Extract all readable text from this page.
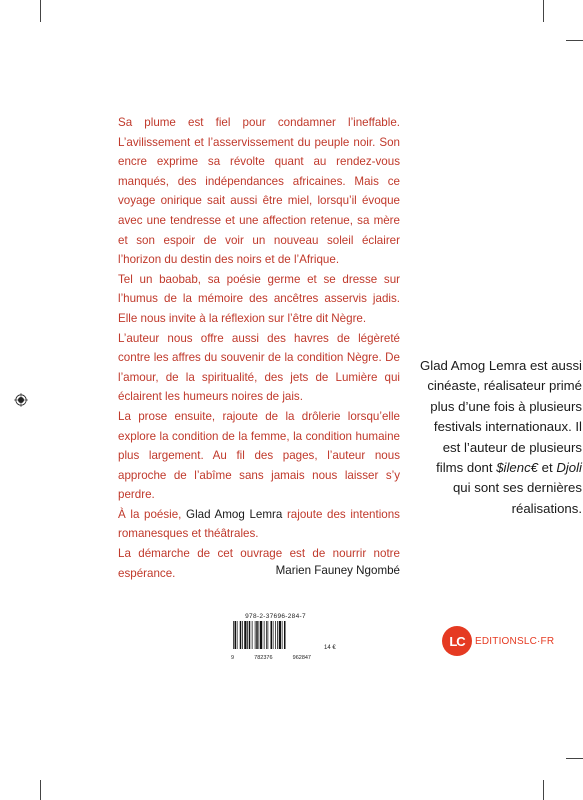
Sa plume est fiel pour condamner l’ineffable. L’avilissement et l’asservissement du peuple noir. Son encre exprime sa révolte quant au rendez-vous manqués, des indépendances africaines. Mais ce voyage onirique sait aussi être miel, lorsqu’il évoque avec une tendresse et une affection retenue, sa mère et son espoir de voir un nouveau soleil éclairer l’horizon du destin des noirs et de l’Afrique.

Tel un baobab, sa poésie germe et se dresse sur l’humus de la mémoire des ancêtres asservis jadis. Elle nous invite à la réflexion sur l’être dit Nègre.

L’auteur nous offre aussi des havres de légèreté contre les affres du souvenir de la condition Nègre. De l’amour, de la spiritualité, des jets de Lumière qui éclairent les humeurs noires de jais.

La prose ensuite, rajoute de la drôlerie lorsqu’elle explore la condition de la femme, la condition humaine plus largement. Au fil des pages, l’auteur nous approche de l’abîme sans jamais nous laisser s’y perdre.

À la poésie, Glad Amog Lemra rajoute des intentions romanesques et théâtrales.

La démarche de cet ouvrage est de nourrir notre espérance.	Marien Fauney Ngombé
Glad Amog Lemra est aussi cinéaste, réalisateur primé plus d’une fois à plusieurs festivals internationaux. Il est l’auteur de plusieurs films dont $ilenc€ et Djoli qui sont ses dernières réalisations.
978-2-37696-284-7
9	782376	962847
14 €	LC	EDITIONSLC·FR
